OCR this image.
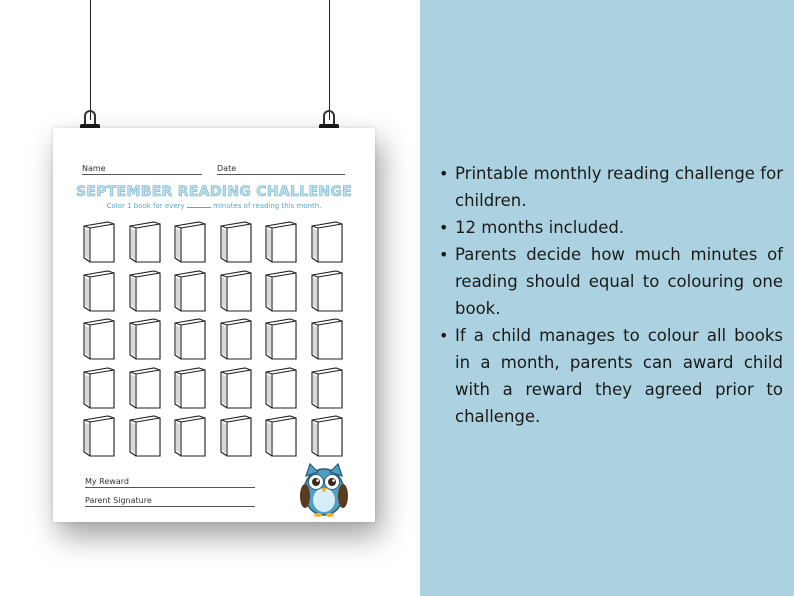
Name	Date
SEPTEMBER READING CHALLENGE
Color 1 book for every	minutes of reading this month.
My Reward
Parent Signature
• Printable monthly reading challenge for children.
• 12 months included.
• Parents decide how much minutes of reading should equal to colouring one book.
• If a child manages to colour all books in a month, parents can award child with a reward they agreed prior to challenge.
